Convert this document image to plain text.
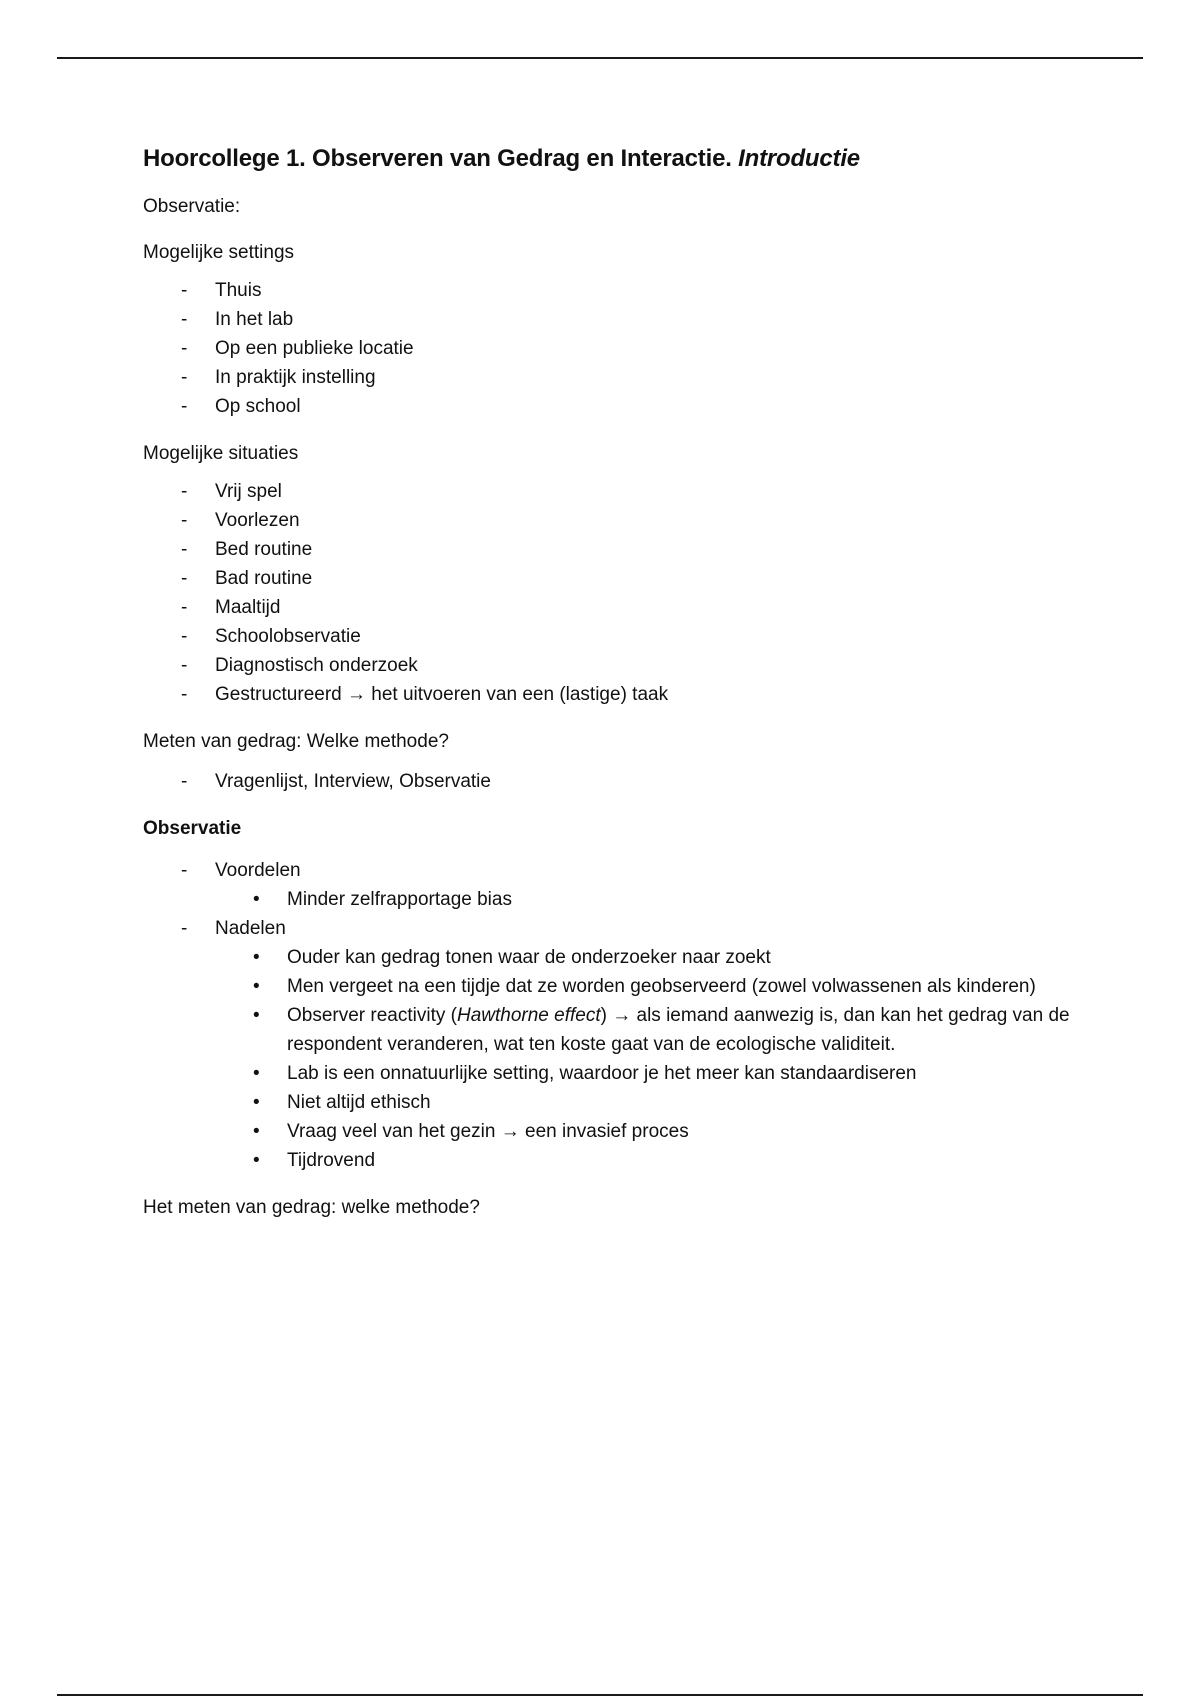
Hoorcollege 1. Observeren van Gedrag en Interactie. Introductie

Observatie:

Mogelijke settings

- Thuis
- In het lab
- Op een publieke locatie
- In praktijk instelling
- Op school

Mogelijke situaties

- Vrij spel
- Voorlezen
- Bed routine
- Bad routine
- Maaltijd
- Schoolobservatie
- Diagnostisch onderzoek
- Gestructureerd → het uitvoeren van een (lastige) taak

Meten van gedrag: Welke methode?

- Vragenlijst, Interview, Observatie

Observatie

- Voordelen
• Minder zelfrapportage bias
- Nadelen
• Ouder kan gedrag tonen waar de onderzoeker naar zoekt
• Men vergeet na een tijdje dat ze worden geobserveerd (zowel volwassenen als kinderen)
• Observer reactivity (Hawthorne effect) → als iemand aanwezig is, dan kan het gedrag van de respondent veranderen, wat ten koste gaat van de ecologische validiteit.
• Lab is een onnatuurlijke setting, waardoor je het meer kan standaardiseren
• Niet altijd ethisch
• Vraag veel van het gezin → een invasief proces
• Tijdrovend

Het meten van gedrag: welke methode?
